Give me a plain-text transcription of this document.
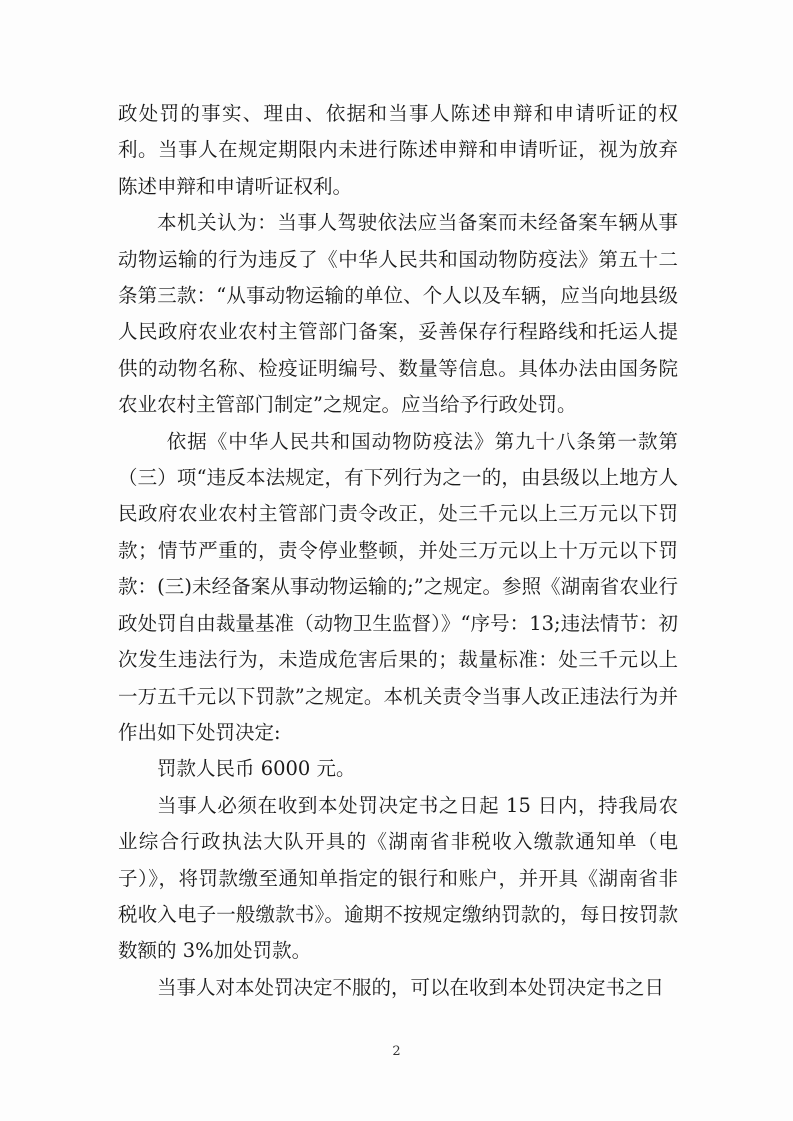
政处罚的事实、理由、依据和当事人陈述申辩和申请听证的权利。当事人在规定期限内未进行陈述申辩和申请听证，视为放弃陈述申辩和申请听证权利。

本机关认为：当事人驾驶依法应当备案而未经备案车辆从事动物运输的行为违反了《中华人民共和国动物防疫法》第五十二条第三款：“从事动物运输的单位、个人以及车辆，应当向地县级人民政府农业农村主管部门备案，妥善保存行程路线和托运人提供的动物名称、检疫证明编号、数量等信息。具体办法由国务院农业农村主管部门制定”之规定。应当给予行政处罚。

依据《中华人民共和国动物防疫法》第九十八条第一款第（三）项“违反本法规定，有下列行为之一的，由县级以上地方人民政府农业农村主管部门责令改正，处三千元以上三万元以下罚款；情节严重的，责令停业整顿，并处三万元以上十万元以下罚款：(三)未经备案从事动物运输的;”之规定。参照《湖南省农业行政处罚自由裁量基准（动物卫生监督）》“序号：13;违法情节：初次发生违法行为，未造成危害后果的；裁量标准：处三千元以上一万五千元以下罚款”之规定。本机关责令当事人改正违法行为并作出如下处罚决定:

罚款人民币 6000 元。

当事人必须在收到本处罚决定书之日起 15 日内，持我局农业综合行政执法大队开具的《湖南省非税收入缴款通知单（电子）》，将罚款缴至通知单指定的银行和账户，并开具《湖南省非税收入电子一般缴款书》。逾期不按规定缴纳罚款的，每日按罚款数额的 3%加处罚款。

当事人对本处罚决定不服的，可以在收到本处罚决定书之日

2
